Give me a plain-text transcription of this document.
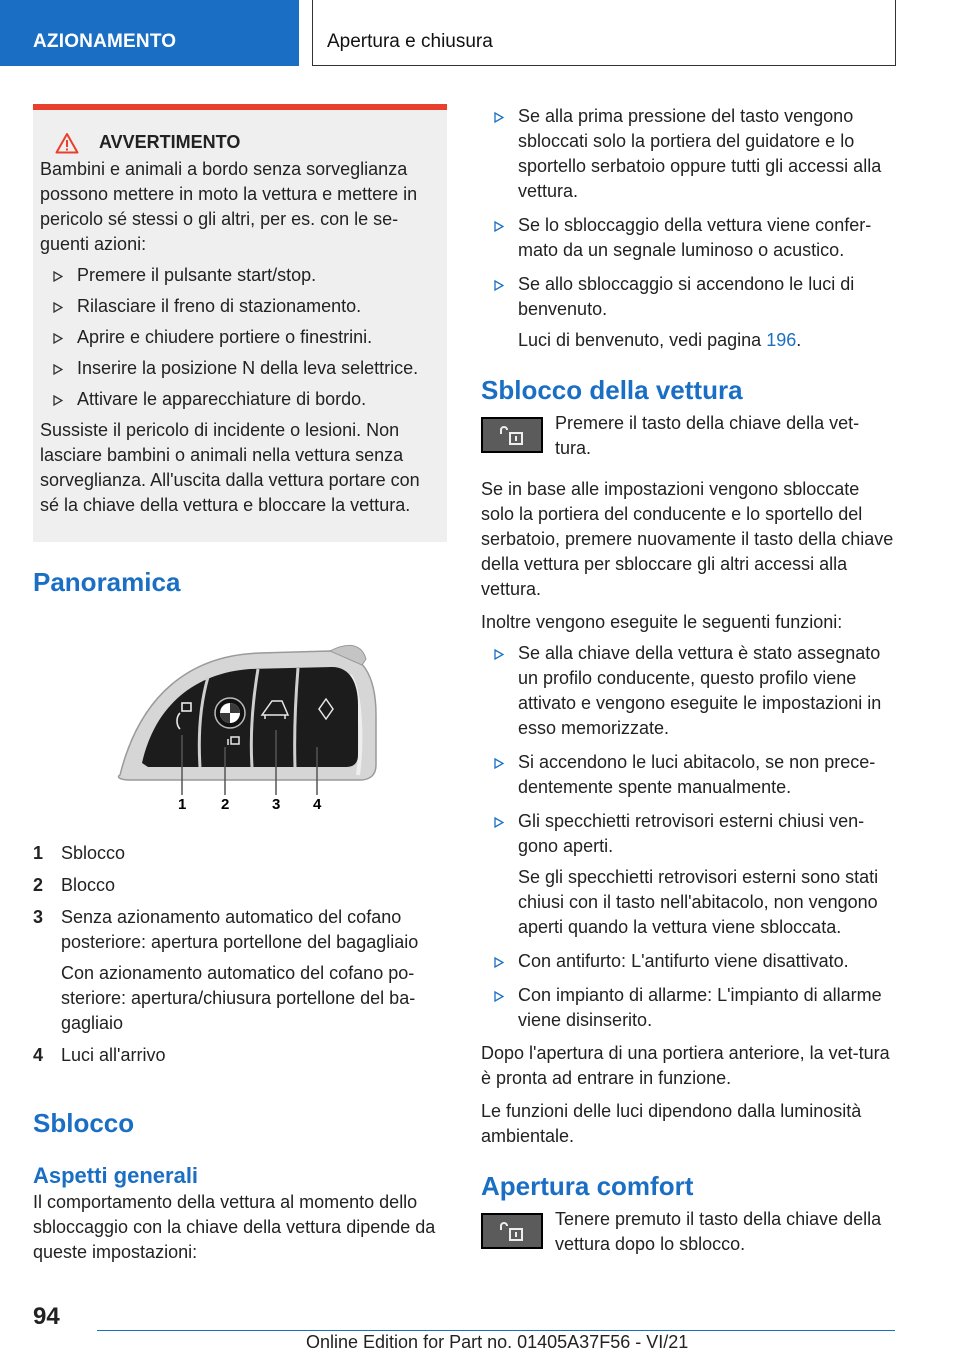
AZIONAMENTO	Apertura e chiusura
AVVERTIMENTO

Bambini e animali a bordo senza sorveglianza possono mettere in moto la vettura e mettere in pericolo sé stessi o gli altri, per es. con le se-guenti azioni:

Premere il pulsante start/stop.
Rilasciare il freno di stazionamento.
Aprire e chiudere portiere o finestrini.
Inserire la posizione N della leva selettrice.
Attivare le apparecchiature di bordo.

Sussiste il pericolo di incidente o lesioni. Non lasciare bambini o animali nella vettura senza sorveglianza. All'uscita dalla vettura portare con sé la chiave della vettura e bloccare la vettura.

Panoramica
1 2	3 4
1 Sblocco
2 Blocco
3 Senza azionamento automatico del cofano posteriore: apertura portellone del bagagliaio
Con azionamento automatico del cofano po-steriore: apertura/chiusura portellone del ba-gagliaio
4 Luci all'arrivo
Sblocco
Aspetti generali

Il comportamento della vettura al momento dello sbloccaggio con la chiave della vettura dipende da queste impostazioni:

Se alla prima pressione del tasto vengono sbloccati solo la portiera del guidatore e lo sportello serbatoio oppure tutti gli accessi alla vettura.
Se lo sbloccaggio della vettura viene confer-mato da un segnale luminoso o acustico.
Se allo sbloccaggio si accendono le luci di benvenuto.
Luci di benvenuto, vedi pagina 196.
Sblocco della vettura
Premere il tasto della chiave della vet-tura.

Se in base alle impostazioni vengono sbloccate solo la portiera del conducente e lo sportello del serbatoio, premere nuovamente il tasto della chiave della vettura per sbloccare gli altri accessi alla vettura.

Inoltre vengono eseguite le seguenti funzioni:

Se alla chiave della vettura è stato assegnato un profilo conducente, questo profilo viene attivato e vengono eseguite le impostazioni in esso memorizzate.
Si accendono le luci abitacolo, se non prece-dentemente spente manualmente.
Gli specchietti retrovisori esterni chiusi ven-gono aperti.
Se gli specchietti retrovisori esterni sono stati chiusi con il tasto nell'abitacolo, non vengono aperti quando la vettura viene sbloccata.
Con antifurto: L'antifurto viene disattivato.
Con impianto di allarme: L'impianto di allarme viene disinserito.

Dopo l'apertura di una portiera anteriore, la vet-tura è pronta ad entrare in funzione.

Le funzioni delle luci dipendono dalla luminosità ambientale.

Apertura comfort
Tenere premuto il tasto della chiave della vettura dopo lo sblocco.
94
Online Edition for Part no. 01405A37F56 - VI/21
